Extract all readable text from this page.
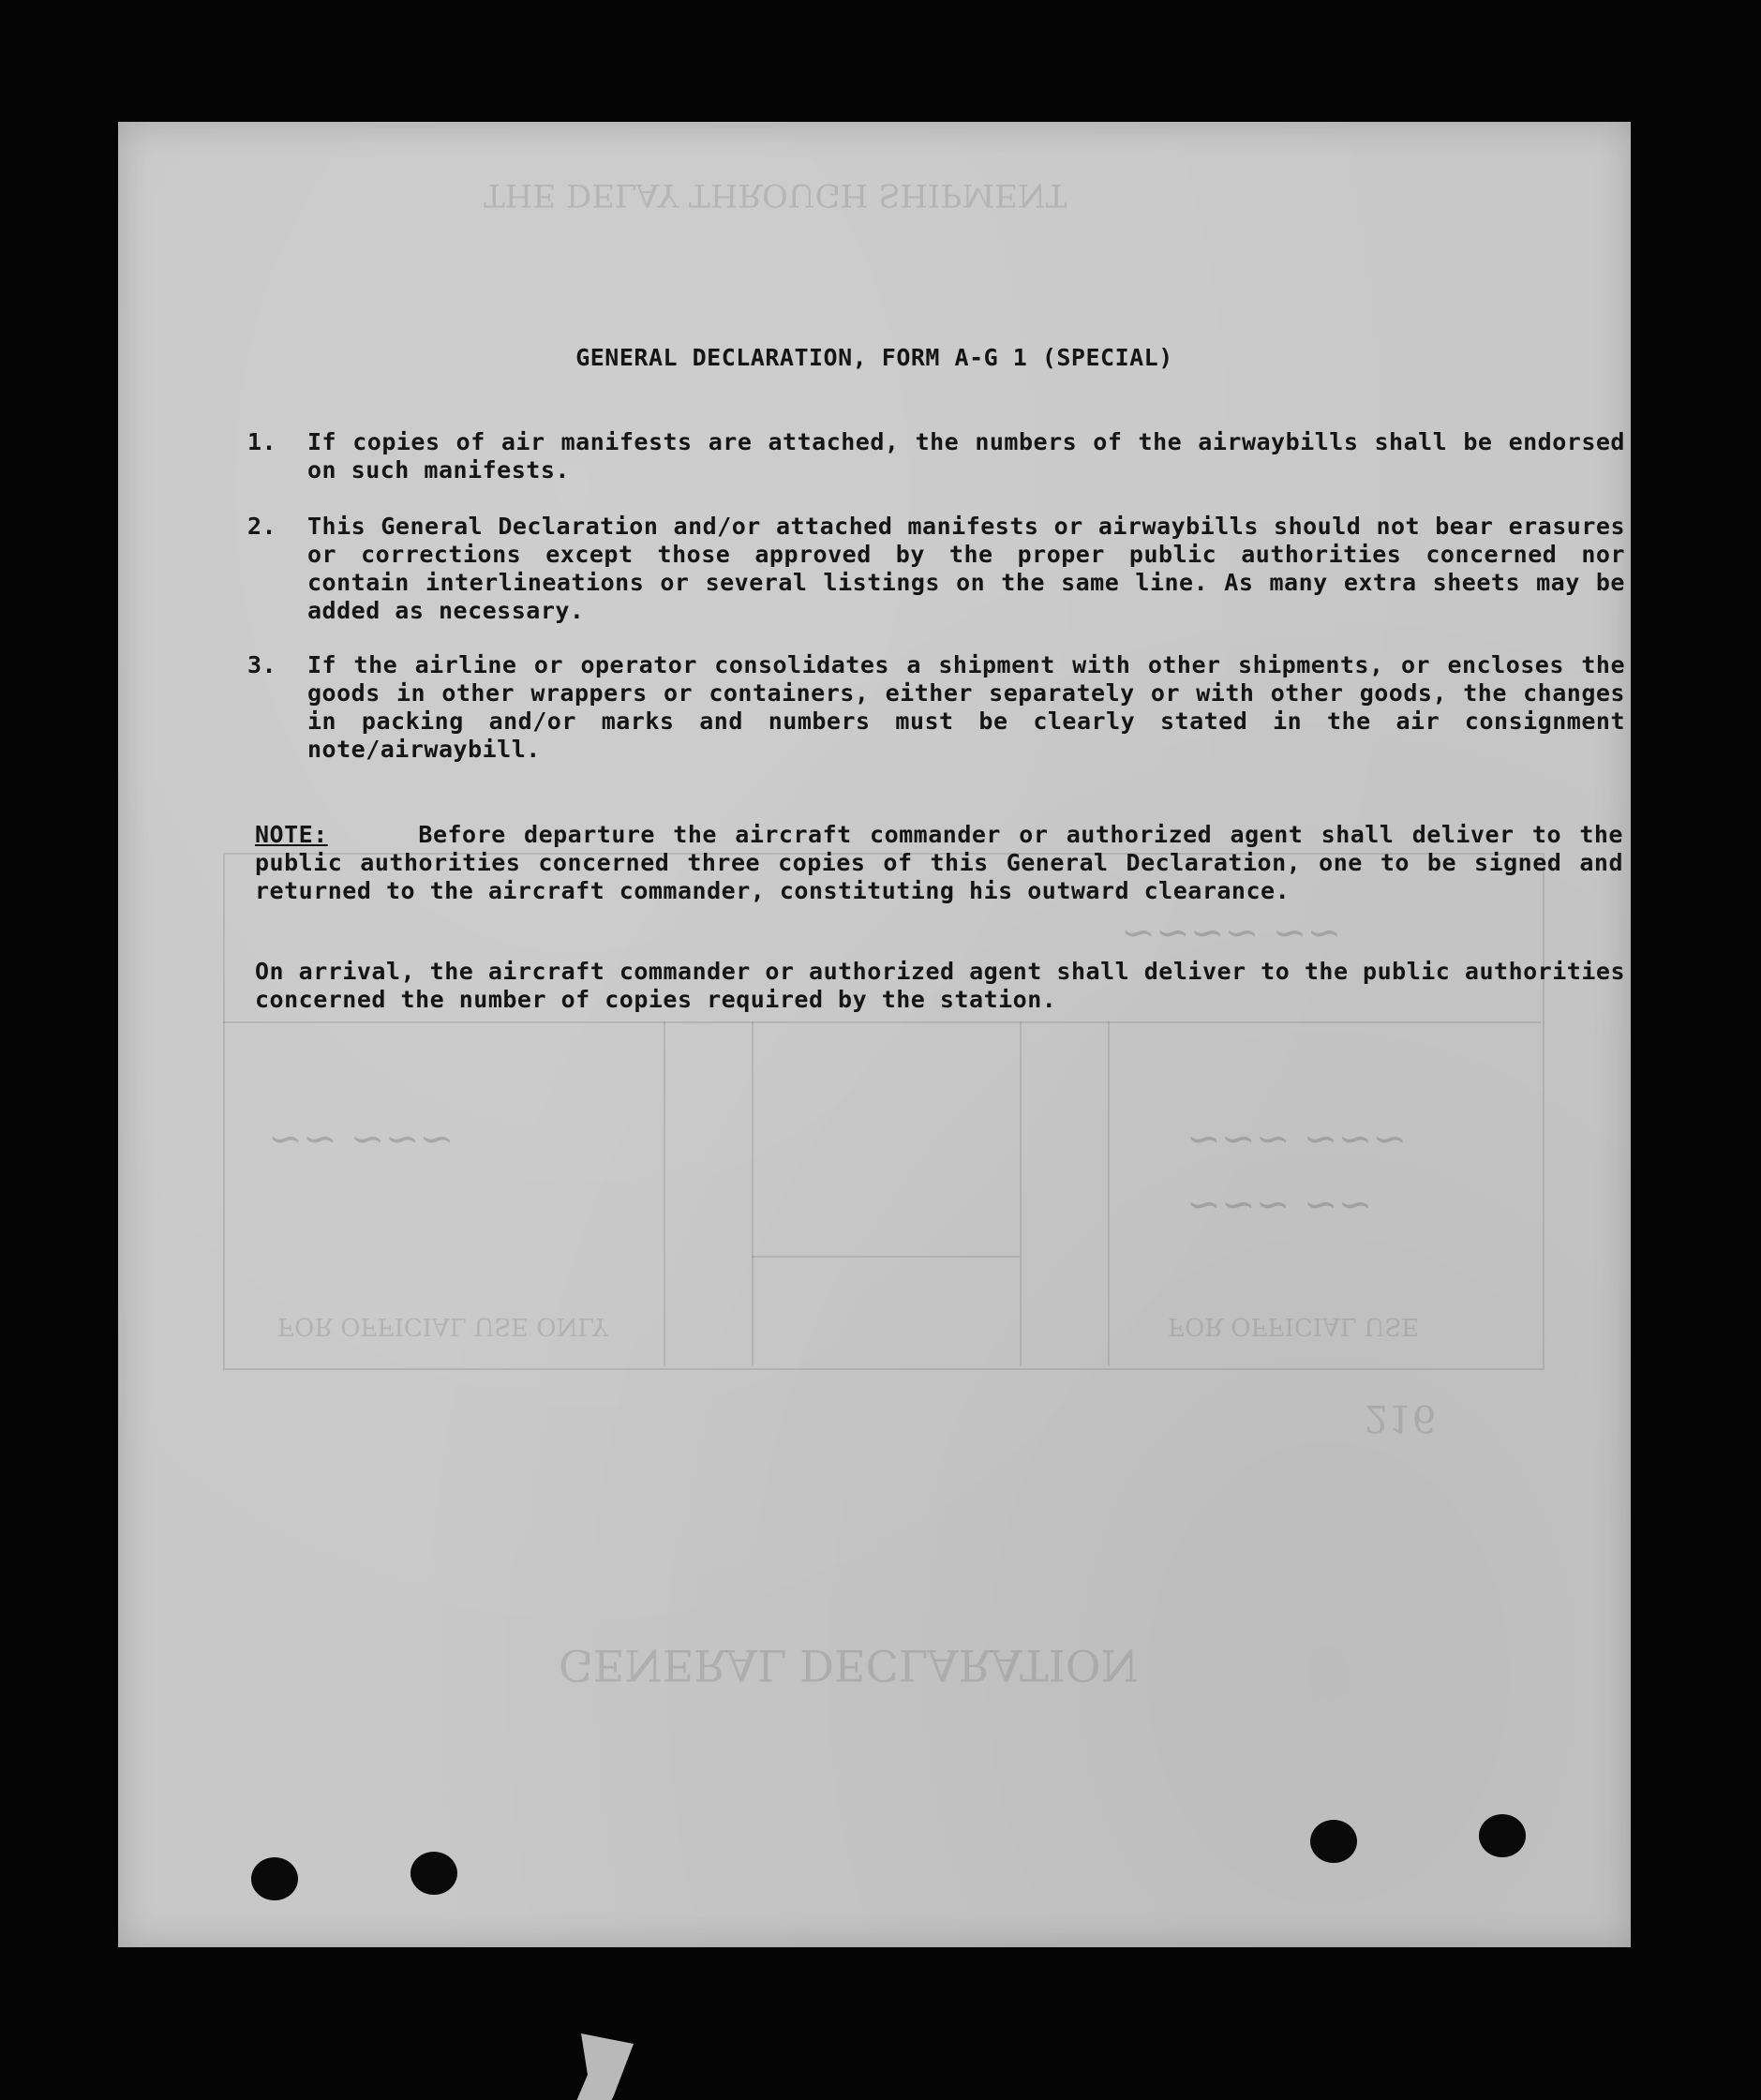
THE DELAY THROUGH SHIPMENT
GENERAL DECLARATION
FOR OFFICIAL USE ONLY	FOR OFFICIAL USE
216
~~~ ~~	~~~ ~~~
~~ ~~~
~~ ~~~~
GENERAL DECLARATION, FORM A-G 1 (SPECIAL)
1.	If copies of air manifests are attached, the numbers of the airwaybills shall be endorsed on such manifests.
2.	This General Declaration and/or attached manifests or airwaybills should not bear erasures or corrections except those approved by the proper public authorities concerned nor contain interlineations or several listings on the same line. As many extra sheets may be added as necessary.
3.	If the airline or operator consolidates a shipment with other shipments, or encloses the goods in other wrappers or containers, either separately or with other goods, the changes in packing and/or marks and numbers must be clearly stated in the air consignment note/airwaybill.
NOTE:	Before departure the aircraft commander or authorized agent shall deliver to the public authorities concerned three copies of this General Declaration, one to be signed and returned to the aircraft commander, constituting his outward clearance.
On arrival, the aircraft commander or authorized agent shall deliver to the public authorities concerned the number of copies required by the station.
